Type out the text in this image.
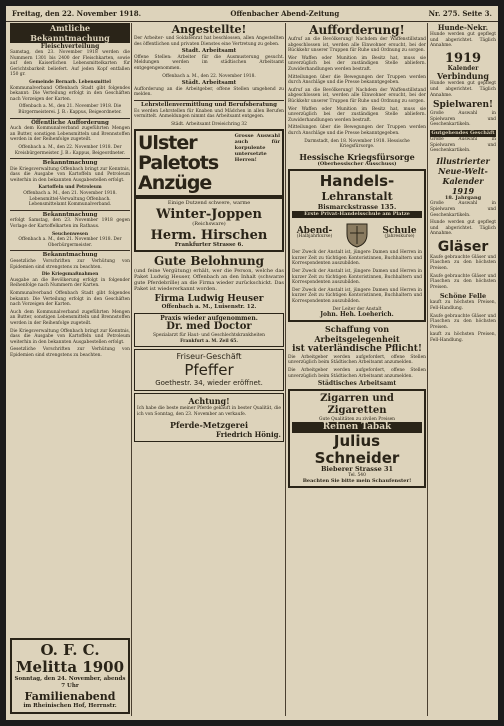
Freitag, den 22. November 1918.	Offenbacher Abend-Zeitung	Nr. 275. Seite 3.
Amtliche Bekanntmachung
Fleischverteilung

Samstag, den 23. November 1918 werden die Nummern 1301 bis 2400 der Fleischkarten, sowie auf den Kaiserlichen Lebensmittelkarten für Gerichtsbarkeit beliefert. Auf jeden Kopf entfallen 150 gr.

Gemeinde Bernarb. Lebensmittel

Kommunalverband Offenbach Stadt gibt folgendes bekannt: Die Verteilung erfolgt in den Geschäften nach Vorzeigen der Karten.

Offenbach a. M., den 21. November 1918. Die Bürgermeisterei. J. B.: Kappus, Beigeordneter.

Öffentliche Aufforderung

Auch dem Kommunalverband zugeführten Mengen an Butter, sonstigen Lebensmitteln und Brennstoffen werden in der Reihenfolge zugeteilt.

Offenbach a. M., den 22. November 1918. Der Kreisbürgermeister. J. B.: Kappus, Beigeordneter.

Bekanntmachung

Die Kriegsverwaltung Offenbach bringt zur Kenntnis, dass die Ausgabe von Kartoffeln und Petroleum weiterhin in den bekannten Ausgabestellen erfolgt.

Kartoffeln und Petroleum

Offenbach a. M., den 21. November 1918. Lebensmittel-Verwaltung Offenbach. Lebensmittelamt Kommunalverband.

Bekanntmachung

erfolgt Samstag, den 23. November 1918 gegen Vorlage der Kartoffelkarten im Rathaus.

Seuchenwesen

Offenbach a. M., den 21. November 1918. Der Oberbürgermeister.

Bekanntmachung

Gesetzliche Vorschriften zur Verhütung von Epidemien sind strengstens zu beachten.

Die Kriegsmaßnahmen

Ausgabe an die Bevölkerung erfolgt in folgender Reihenfolge nach Nummern der Karten.

Kommunalverband Offenbach Stadt gibt folgendes bekannt: Die Verteilung erfolgt in den Geschäften nach Vorzeigen der Karten.

Auch dem Kommunalverband zugeführten Mengen an Butter, sonstigen Lebensmitteln und Brennstoffen werden in der Reihenfolge zugeteilt.

Die Kriegsverwaltung Offenbach bringt zur Kenntnis, dass die Ausgabe von Kartoffeln und Petroleum weiterhin in den bekannten Ausgabestellen erfolgt.

Gesetzliche Vorschriften zur Verhütung von Epidemien sind strengstens zu beachten.

O. F. C. Melitta 1900
Sonntag, den 24. November, abends 7 Uhr
Familienabend
im Rheinischen Hof, Herrnstr.
Angestellte!

Der Arbeiter- und Soldatenrat hat beschlossen, allen Angestellten des öffentlichen und privaten Dienstes eine Vertretung zu geben.

Stadt. Arbeitsamt

Offene Stellen: Arbeiter für die Ausmusterung gesucht. Meldungen werden im städtischen Arbeitsamt entgegengenommen.

Offenbach a. M., den 22. November 1918.

Städt. Arbeitsamt

Aufforderung an die Arbeitgeber, offene Stellen umgehend zu melden.

Lehrstellenvermittlung und Berufsberatung

Es werden Lehrstellen für Knaben und Mädchen in allen Berufen vermittelt. Anmeldungen nimmt das Arbeitsamt entgegen.

Städt. Arbeitsamt Dreieichring 32

Ulster
Paletots
Anzüge
Grosse Auswahl auch für korpulente untersetzte Herren!
Einige Dutzend schwere, warme
Winter-Joppen
(Reichsware)
Herm. Hirschen
Frankfurter Strasse 6.
Gute Belohnung

(und feine Vergütung) erhält, wer die Person, welche das Paket Ludwig Heuser, Offenbach an den Inhalt (schwarze gute Pferdebrille) an die Firma wieder zurückschickt. Das Paket ist wiedererkannt worden.

Firma Ludwig Heuser
Offenbach a. M., Luisenstr. 12.
Praxis wieder aufgenommen.
Dr. med Doctor
Spezialarzt für Haut- und Geschlechtskrankheiten
Frankfurt a. M. Zeil 65.
Friseur-Geschäft
Pfeffer
Goethestr. 34, wieder eröffnet.
Achtung!

Ich habe die beste meiner Pferde gekauft in bester Qualität, die ich von Sonntag, den 23. November an verkaufe.

Pferde-Metzgerei
Friedrich Hönig.
Aufforderung!

Aufruf an die Bevölkerung! Nachdem der Waffenstillstand abgeschlossen ist, werden alle Einwohner ersucht, bei der Rückkehr unserer Truppen für Ruhe und Ordnung zu sorgen.

Wer Waffen oder Munition im Besitz hat, muss sie unverzüglich bei der zuständigen Stelle abliefern. Zuwiderhandlungen werden bestraft.

Mitteilungen über die Bewegungen der Truppen werden durch Anschläge und die Presse bekanntgegeben.

Aufruf an die Bevölkerung! Nachdem der Waffenstillstand abgeschlossen ist, werden alle Einwohner ersucht, bei der Rückkehr unserer Truppen für Ruhe und Ordnung zu sorgen.

Wer Waffen oder Munition im Besitz hat, muss sie unverzüglich bei der zuständigen Stelle abliefern. Zuwiderhandlungen werden bestraft.

Mitteilungen über die Bewegungen der Truppen werden durch Anschläge und die Presse bekanntgegeben.

Darmstadt, den 18. November 1918. Hessische Kriegsfürsorge.

Hessische Kriegsfürsorge
(Oberhessischer Ausschuss)
Handels-
Lehranstalt
Bismarckstrasse 135.
Erste Privat-Handelsschule am Platze
Abend-
(Halbjahrkurse)
Schule
(Jahreskurse)

Der Zweck der Anstalt ist, jüngere Damen und Herren in kurzer Zeit zu tüchtigen Kontoristinnen, Buchhaltern und Korrespondenten auszubilden.

Der Zweck der Anstalt ist, jüngere Damen und Herren in kurzer Zeit zu tüchtigen Kontoristinnen, Buchhaltern und Korrespondenten auszubilden.

Der Zweck der Anstalt ist, jüngere Damen und Herren in kurzer Zeit zu tüchtigen Kontoristinnen, Buchhaltern und Korrespondenten auszubilden.

Der Leiter der Anstalt
John. Heh. Loeherich.
Schaffung von Arbeitsgelegenheit
ist vaterländische Pflicht!

Die Arbeitgeber werden aufgefordert, offene Stellen unverzüglich beim Städtischen Arbeitsamt anzumelden.

Die Arbeitgeber werden aufgefordert, offene Stellen unverzüglich beim Städtischen Arbeitsamt anzumelden.

Städtisches Arbeitsamt
Zigarren und Zigaretten
Gute Qualitäten zu zivilen Preisen
Reinen Tabak
Julius Schneider
Bieberer Strasse 31
Tel. 540
Beachten Sie bitte mein Schaufenster!
Hunde-Nekr.

Hunde werden gut gepflegt und abgerichtet. Täglich Annahme.

1919
Kalender
Verbindung

Hunde werden gut gepflegt und abgerichtet. Täglich Annahme.

Spielwaren!

Große Auswahl in Spielwaren und Geschenkartikeln.

Gutgehendes Geschäft

Große Auswahl in Spielwaren und Geschenkartikeln.

Illustrierter
Neue-Welt-
Kalender 1919
18. Jahrgang

Große Auswahl in Spielwaren und Geschenkartikeln.

Hunde werden gut gepflegt und abgerichtet. Täglich Annahme.

Gläser

Kaufe gebrauchte Gläser und Flaschen zu den höchsten Preisen.

Kaufe gebrauchte Gläser und Flaschen zu den höchsten Preisen.

Schöne Felle

kauft zu höchsten Preisen, Fell-Handlung.

Kaufe gebrauchte Gläser und Flaschen zu den höchsten Preisen.

kauft zu höchsten Preisen, Fell-Handlung.
